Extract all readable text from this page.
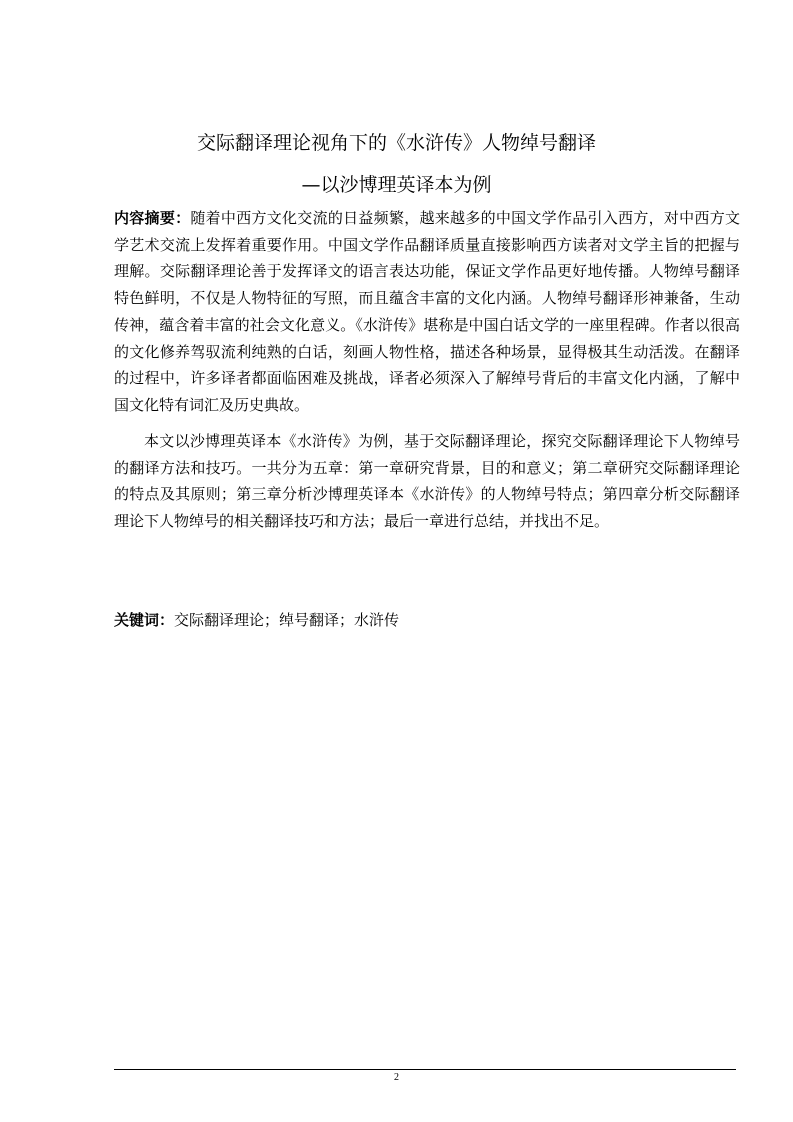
交际翻译理论视角下的《水浒传》人物绰号翻译
—以沙博理英译本为例

内容摘要：随着中西方文化交流的日益频繁，越来越多的中国文学作品引入西方，对中西方文学艺术交流上发挥着重要作用。中国文学作品翻译质量直接影响西方读者对文学主旨的把握与理解。交际翻译理论善于发挥译文的语言表达功能，保证文学作品更好地传播。人物绰号翻译特色鲜明，不仅是人物特征的写照，而且蕴含丰富的文化内涵。人物绰号翻译形神兼备，生动传神，蕴含着丰富的社会文化意义。《水浒传》堪称是中国白话文学的一座里程碑。作者以很高的文化修养驾驭流利纯熟的白话，刻画人物性格，描述各种场景，显得极其生动活泼。在翻译的过程中，许多译者都面临困难及挑战，译者必须深入了解绰号背后的丰富文化内涵，了解中国文化特有词汇及历史典故。

本文以沙博理英译本《水浒传》为例，基于交际翻译理论，探究交际翻译理论下人物绰号的翻译方法和技巧。一共分为五章：第一章研究背景，目的和意义；第二章研究交际翻译理论的特点及其原则；第三章分析沙博理英译本《水浒传》的人物绰号特点；第四章分析交际翻译理论下人物绰号的相关翻译技巧和方法；最后一章进行总结，并找出不足。

关键词：交际翻译理论；绰号翻译；水浒传

2
